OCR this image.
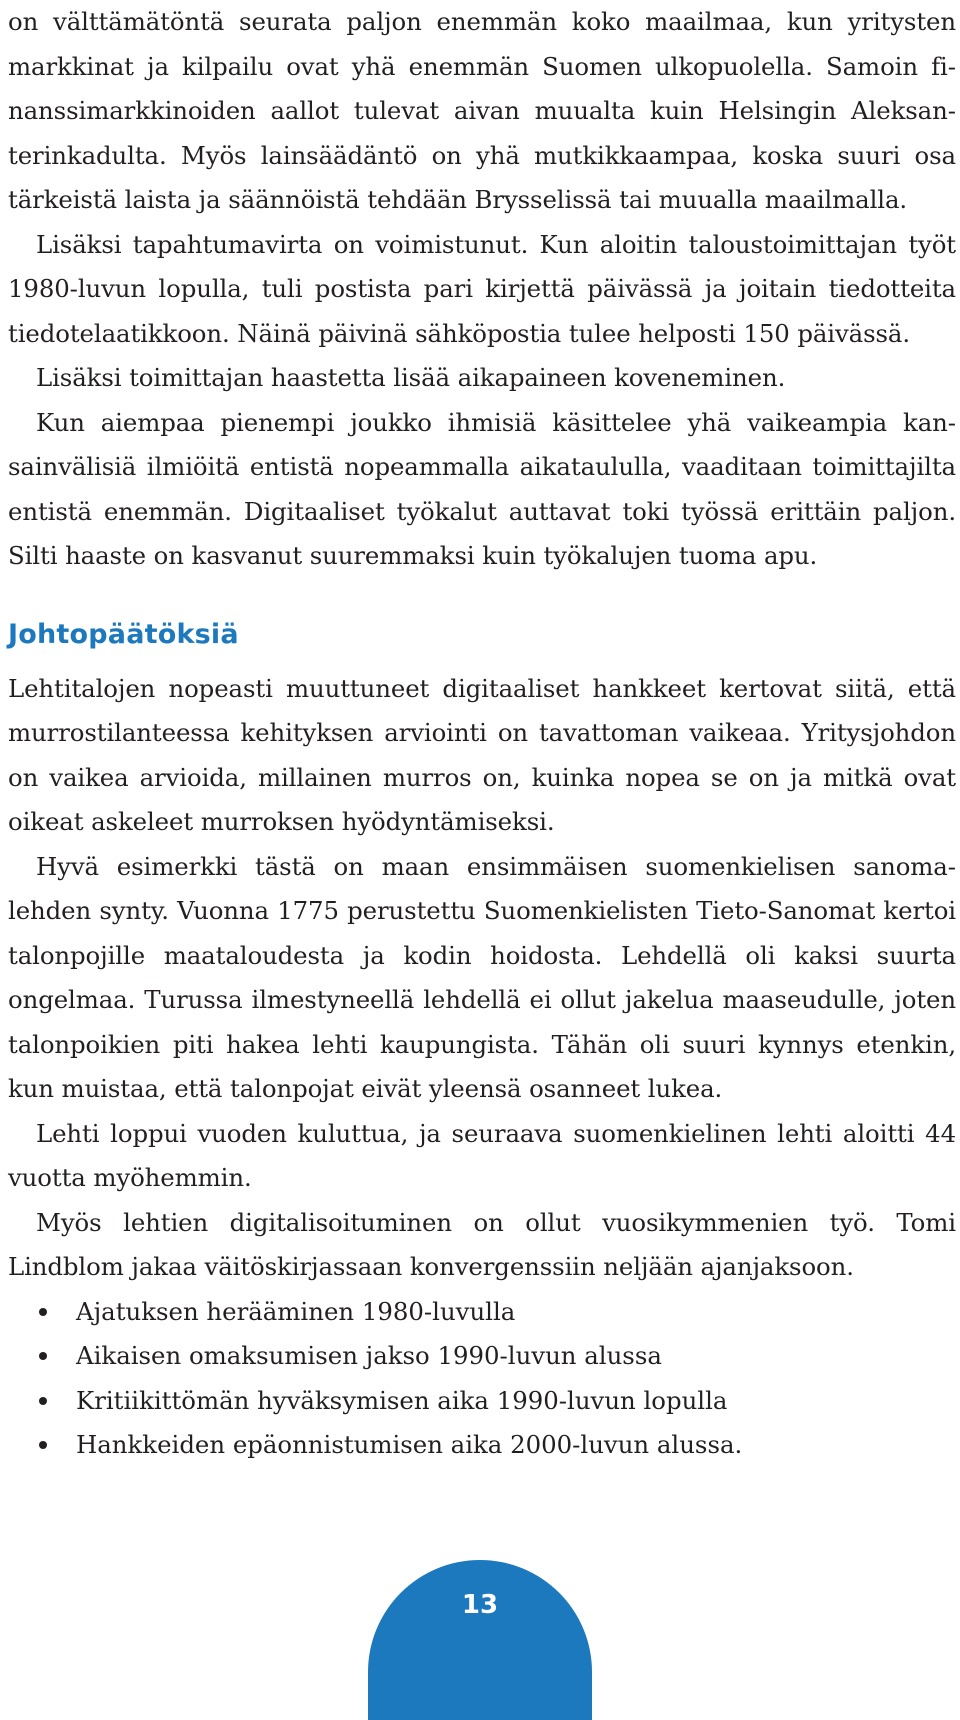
on välttämätöntä seurata paljon enemmän koko maailmaa, kun yritysten markkinat ja kilpailu ovat yhä enemmän Suomen ulkopuolella. Samoin finanssimarkkinoiden aallot tulevat aivan muualta kuin Helsingin Aleksanterinkadulta. Myös lainsäädäntö on yhä mutkikkaampaa, koska suuri osa tärkeistä laista ja säännöistä tehdään Brysselissä tai muualla maailmalla.

Lisäksi tapahtumavirta on voimistunut. Kun aloitin taloustoimittajan työt 1980-luvun lopulla, tuli postista pari kirjettä päivässä ja joitain tiedotteita tiedotelaatikkoon. Näinä päivinä sähköpostia tulee helposti 150 päivässä.

Lisäksi toimittajan haastetta lisää aikapaineen koveneminen.

Kun aiempaa pienempi joukko ihmisiä käsittelee yhä vaikeampia kansainvälisiä ilmiöitä entistä nopeammalla aikataululla, vaaditaan toimittajilta entistä enemmän. Digitaaliset työkalut auttavat toki työssä erittäin paljon. Silti haaste on kasvanut suuremmaksi kuin työkalujen tuoma apu.

Johtopäätöksiä

Lehtitalojen nopeasti muuttuneet digitaaliset hankkeet kertovat siitä, että murrostilanteessa kehityksen arviointi on tavattoman vaikeaa. Yritysjohdon on vaikea arvioida, millainen murros on, kuinka nopea se on ja mitkä ovat oikeat askeleet murroksen hyödyntämiseksi.

Hyvä esimerkki tästä on maan ensimmäisen suomenkielisen sanomalehden synty. Vuonna 1775 perustettu Suomenkielisten Tieto-Sanomat kertoi talonpojille maataloudesta ja kodin hoidosta. Lehdellä oli kaksi suurta ongelmaa. Turussa ilmestyneellä lehdellä ei ollut jakelua maaseudulle, joten talonpoikien piti hakea lehti kaupungista. Tähän oli suuri kynnys etenkin, kun muistaa, että talonpojat eivät yleensä osanneet lukea.

Lehti loppui vuoden kuluttua, ja seuraava suomenkielinen lehti aloitti 44 vuotta myöhemmin.

Myös lehtien digitalisoituminen on ollut vuosikymmenien työ. Tomi Lindblom jakaa väitöskirjassaan konvergenssiin neljään ajanjaksoon.

Ajatuksen herääminen 1980-luvulla
Aikaisen omaksumisen jakso 1990-luvun alussa
Kritiikittömän hyväksymisen aika 1990-luvun lopulla
Hankkeiden epäonnistumisen aika 2000-luvun alussa.
13
